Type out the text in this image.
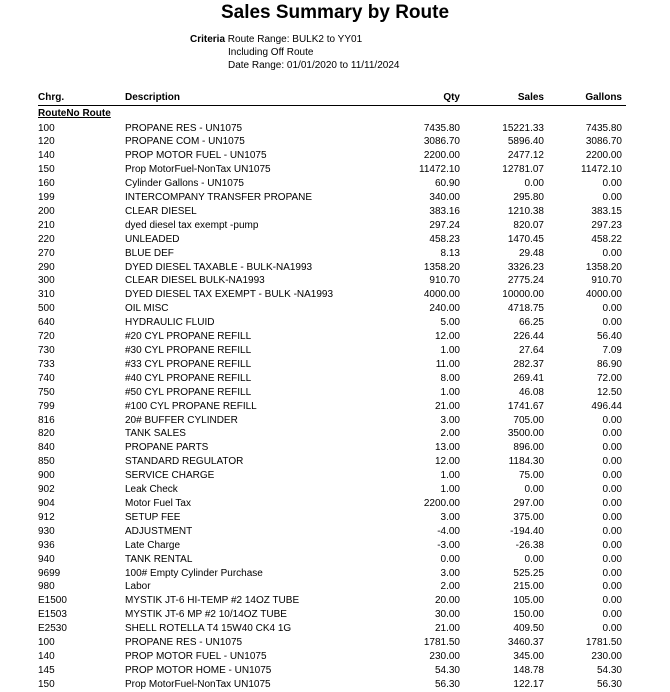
Sales Summary by Route
Criteria Route Range: BULK2 to YY01
Including Off Route
Date Range: 01/01/2020 to 11/11/2024
Chrg.	Description	Qty	Sales	Gallons
RouteNo Route
100	PROPANE RES - UN1075	7435.80	15221.33	7435.80
120	PROPANE COM - UN1075	3086.70	5896.40	3086.70
140	PROP MOTOR FUEL - UN1075	2200.00	2477.12	2200.00
150	Prop MotorFuel-NonTax UN1075	11472.10	12781.07	11472.10
160	Cylinder Gallons - UN1075	60.90	0.00	0.00
199	INTERCOMPANY TRANSFER PROPANE	340.00	295.80	0.00
200	CLEAR DIESEL	383.16	1210.38	383.15
210	dyed diesel tax exempt -pump	297.24	820.07	297.23
220	UNLEADED	458.23	1470.45	458.22
270	BLUE DEF	8.13	29.48	0.00
290	DYED DIESEL TAXABLE - BULK-NA1993	1358.20	3326.23	1358.20
300	CLEAR DIESEL BULK-NA1993	910.70	2775.24	910.70
310	DYED DIESEL TAX EXEMPT - BULK -NA1993	4000.00	10000.00	4000.00
500	OIL MISC	240.00	4718.75	0.00
640	HYDRAULIC FLUID	5.00	66.25	0.00
720	#20 CYL PROPANE REFILL	12.00	226.44	56.40
730	#30 CYL PROPANE REFILL	1.00	27.64	7.09
733	#33 CYL PROPANE REFILL	11.00	282.37	86.90
740	#40 CYL PROPANE REFILL	8.00	269.41	72.00
750	#50 CYL PROPANE REFILL	1.00	46.08	12.50
799	#100 CYL PROPANE REFILL	21.00	1741.67	496.44
816	20# BUFFER CYLINDER	3.00	705.00	0.00
820	TANK SALES	2.00	3500.00	0.00
840	PROPANE PARTS	13.00	896.00	0.00
850	STANDARD REGULATOR	12.00	1184.30	0.00
900	SERVICE CHARGE	1.00	75.00	0.00
902	Leak Check	1.00	0.00	0.00
904	Motor Fuel Tax	2200.00	297.00	0.00
912	SETUP FEE	3.00	375.00	0.00
930	ADJUSTMENT	-4.00	-194.40	0.00
936	Late Charge	-3.00	-26.38	0.00
940	TANK RENTAL	0.00	0.00	0.00
9699	100# Empty Cylinder Purchase	3.00	525.25	0.00
980	Labor	2.00	215.00	0.00
E1500	MYSTIK JT-6 HI-TEMP #2 14OZ TUBE	20.00	105.00	0.00
E1503	MYSTIK JT-6 MP #2 10/14OZ TUBE	30.00	150.00	0.00
E2530	SHELL ROTELLA T4 15W40 CK4 1G	21.00	409.50	0.00
100	PROPANE RES - UN1075	1781.50	3460.37	1781.50
140	PROP MOTOR FUEL - UN1075	230.00	345.00	230.00
145	PROP MOTOR HOME - UN1075	54.30	148.78	54.30
150	Prop MotorFuel-NonTax UN1075	56.30	122.17	56.30
